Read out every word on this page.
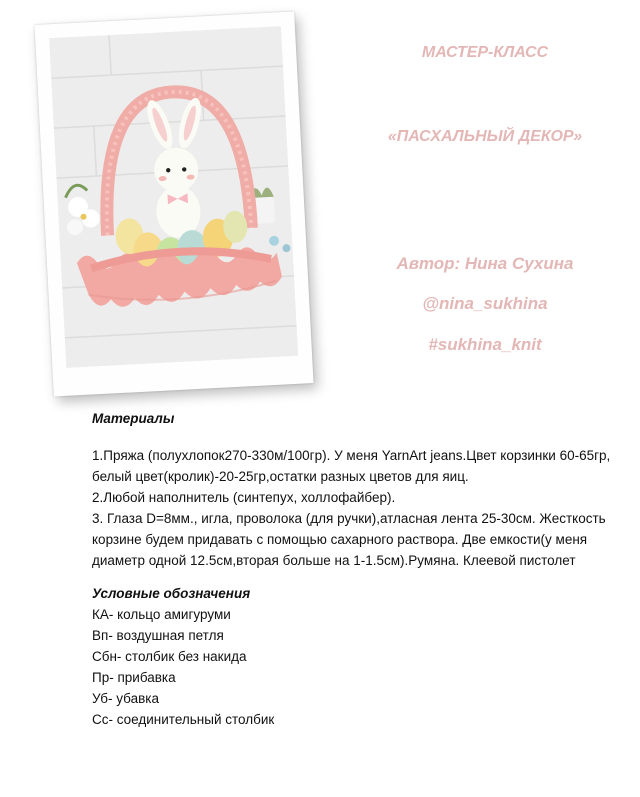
МАСТЕР-КЛАСС
«ПАСХАЛЬНЫЙ ДЕКОР»
Автор: Нина Сухина
@nina_sukhina
#sukhina_knit
Материалы

1.Пряжа (полухлопок270-330м/100гр). У меня YarnArt jeans.Цвет корзинки 60-65гр, белый цвет(кролик)-20-25гр,остатки разных цветов для яиц.

2.Любой наполнитель (синтепух, холлофайбер).

3. Глаза D=8мм., игла, проволока (для ручки),атласная лента 25-30см. Жесткость корзине будем придавать с помощью сахарного раствора. Две емкости(у меня диаметр одной 12.5см,вторая больше на 1-1.5см).Румяна. Клеевой пистолет

Условные обозначения
КА- кольцо амигуруми
Вп- воздушная петля
Сбн- столбик без накида
Пр- прибавка
Уб- убавка
Сс- соединительный столбик
